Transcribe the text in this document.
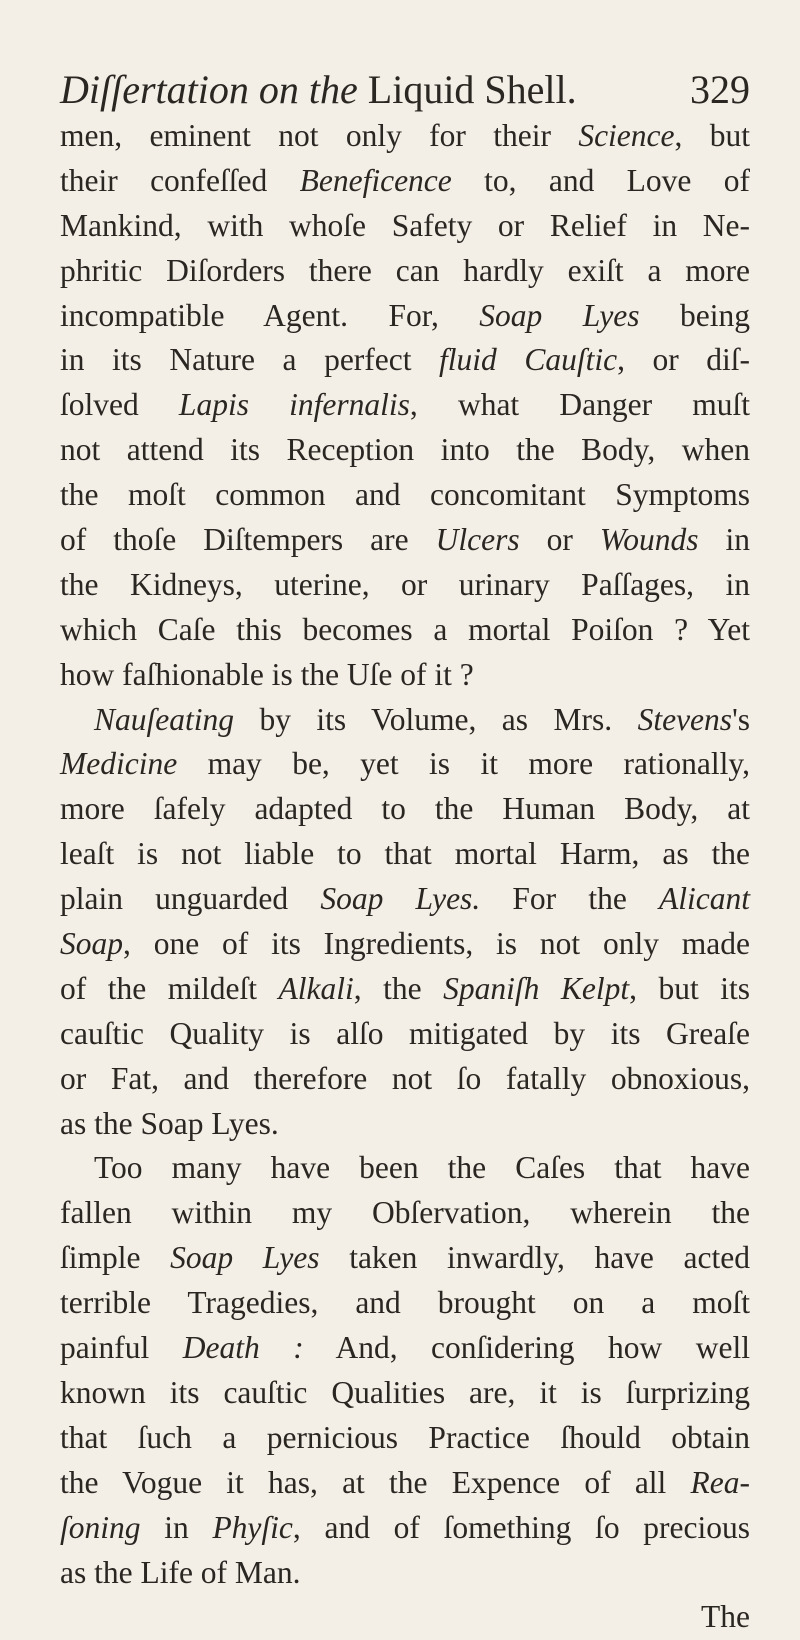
Diſſertation on the Liquid Shell.	329
men, eminent not only for their Science, but
their confeſſed Beneficence to, and Love of
Mankind, with whoſe Safety or Relief in Ne-
phritic Diſorders there can hardly exiſt a more
incompatible Agent. For, Soap Lyes being
in its Nature a perfect fluid Cauſtic, or diſ-
ſolved Lapis infernalis, what Danger muſt
not attend its Reception into the Body, when
the moſt common and concomitant Symptoms
of thoſe Diſtempers are Ulcers or Wounds in
the Kidneys, uterine, or urinary Paſſages, in
which Caſe this becomes a mortal Poiſon ? Yet
how faſhionable is the Uſe of it ?
Nauſeating by its Volume, as Mrs. Stevens's
Medicine may be, yet is it more rationally,
more ſafely adapted to the Human Body, at
leaſt is not liable to that mortal Harm, as the
plain unguarded Soap Lyes. For the Alicant
Soap, one of its Ingredients, is not only made
of the mildeſt Alkali, the Spaniſh Kelpt, but its
cauſtic Quality is alſo mitigated by its Greaſe
or Fat, and therefore not ſo fatally obnoxious,
as the Soap Lyes.
Too many have been the Caſes that have
fallen within my Obſervation, wherein the
ſimple Soap Lyes taken inwardly, have acted
terrible Tragedies, and brought on a moſt
painful Death : And, conſidering how well
known its cauſtic Qualities are, it is ſurprizing
that ſuch a pernicious Practice ſhould obtain
the Vogue it has, at the Expence of all Rea-
ſoning in Phyſic, and of ſomething ſo precious
as the Life of Man.
The
